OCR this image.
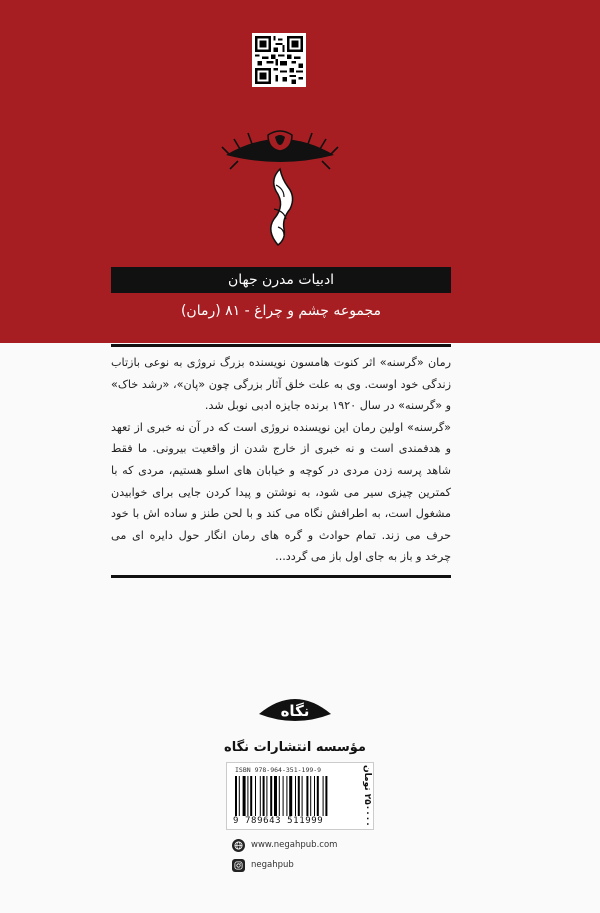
ادبیات مدرن جهان
مجموعه چشم و چراغ - ۸۱ (رمان)

رمان «گرسنه» اثر کنوت هامسون نویسنده بزرگ نروژی به نوعی بازتاب زندگی خود اوست. وی به علت خلق آثار بزرگی چون «پان»، «رشد خاک» و «گرسنه» در سال ۱۹۲۰ برنده جایزه ادبی نوبل شد.

«گرسنه» اولین رمان این نویسنده نروژی است که در آن نه خبری از تعهد و هدفمندی است و نه خبری از خارج شدن از واقعیت بیرونی. ما فقط شاهد پرسه زدن مردی در کوچه و خیابان های اسلو هستیم، مردی که با کمترین چیزی سیر می شود، به نوشتن و پیدا کردن جایی برای خوابیدن مشغول است، به اطرافش نگاه می کند و با لحن طنز و ساده اش با خود حرف می زند. تمام حوادث و گره های رمان انگار حول دایره ای می چرخد و باز به جای اول باز می گردد...

نگاه
مؤسسه انتشارات نگاه
ISBN 978-964-351-199-9
9 789643 511999
۲۵۰۰۰۰ تومان
www.negahpub.com
negahpub
